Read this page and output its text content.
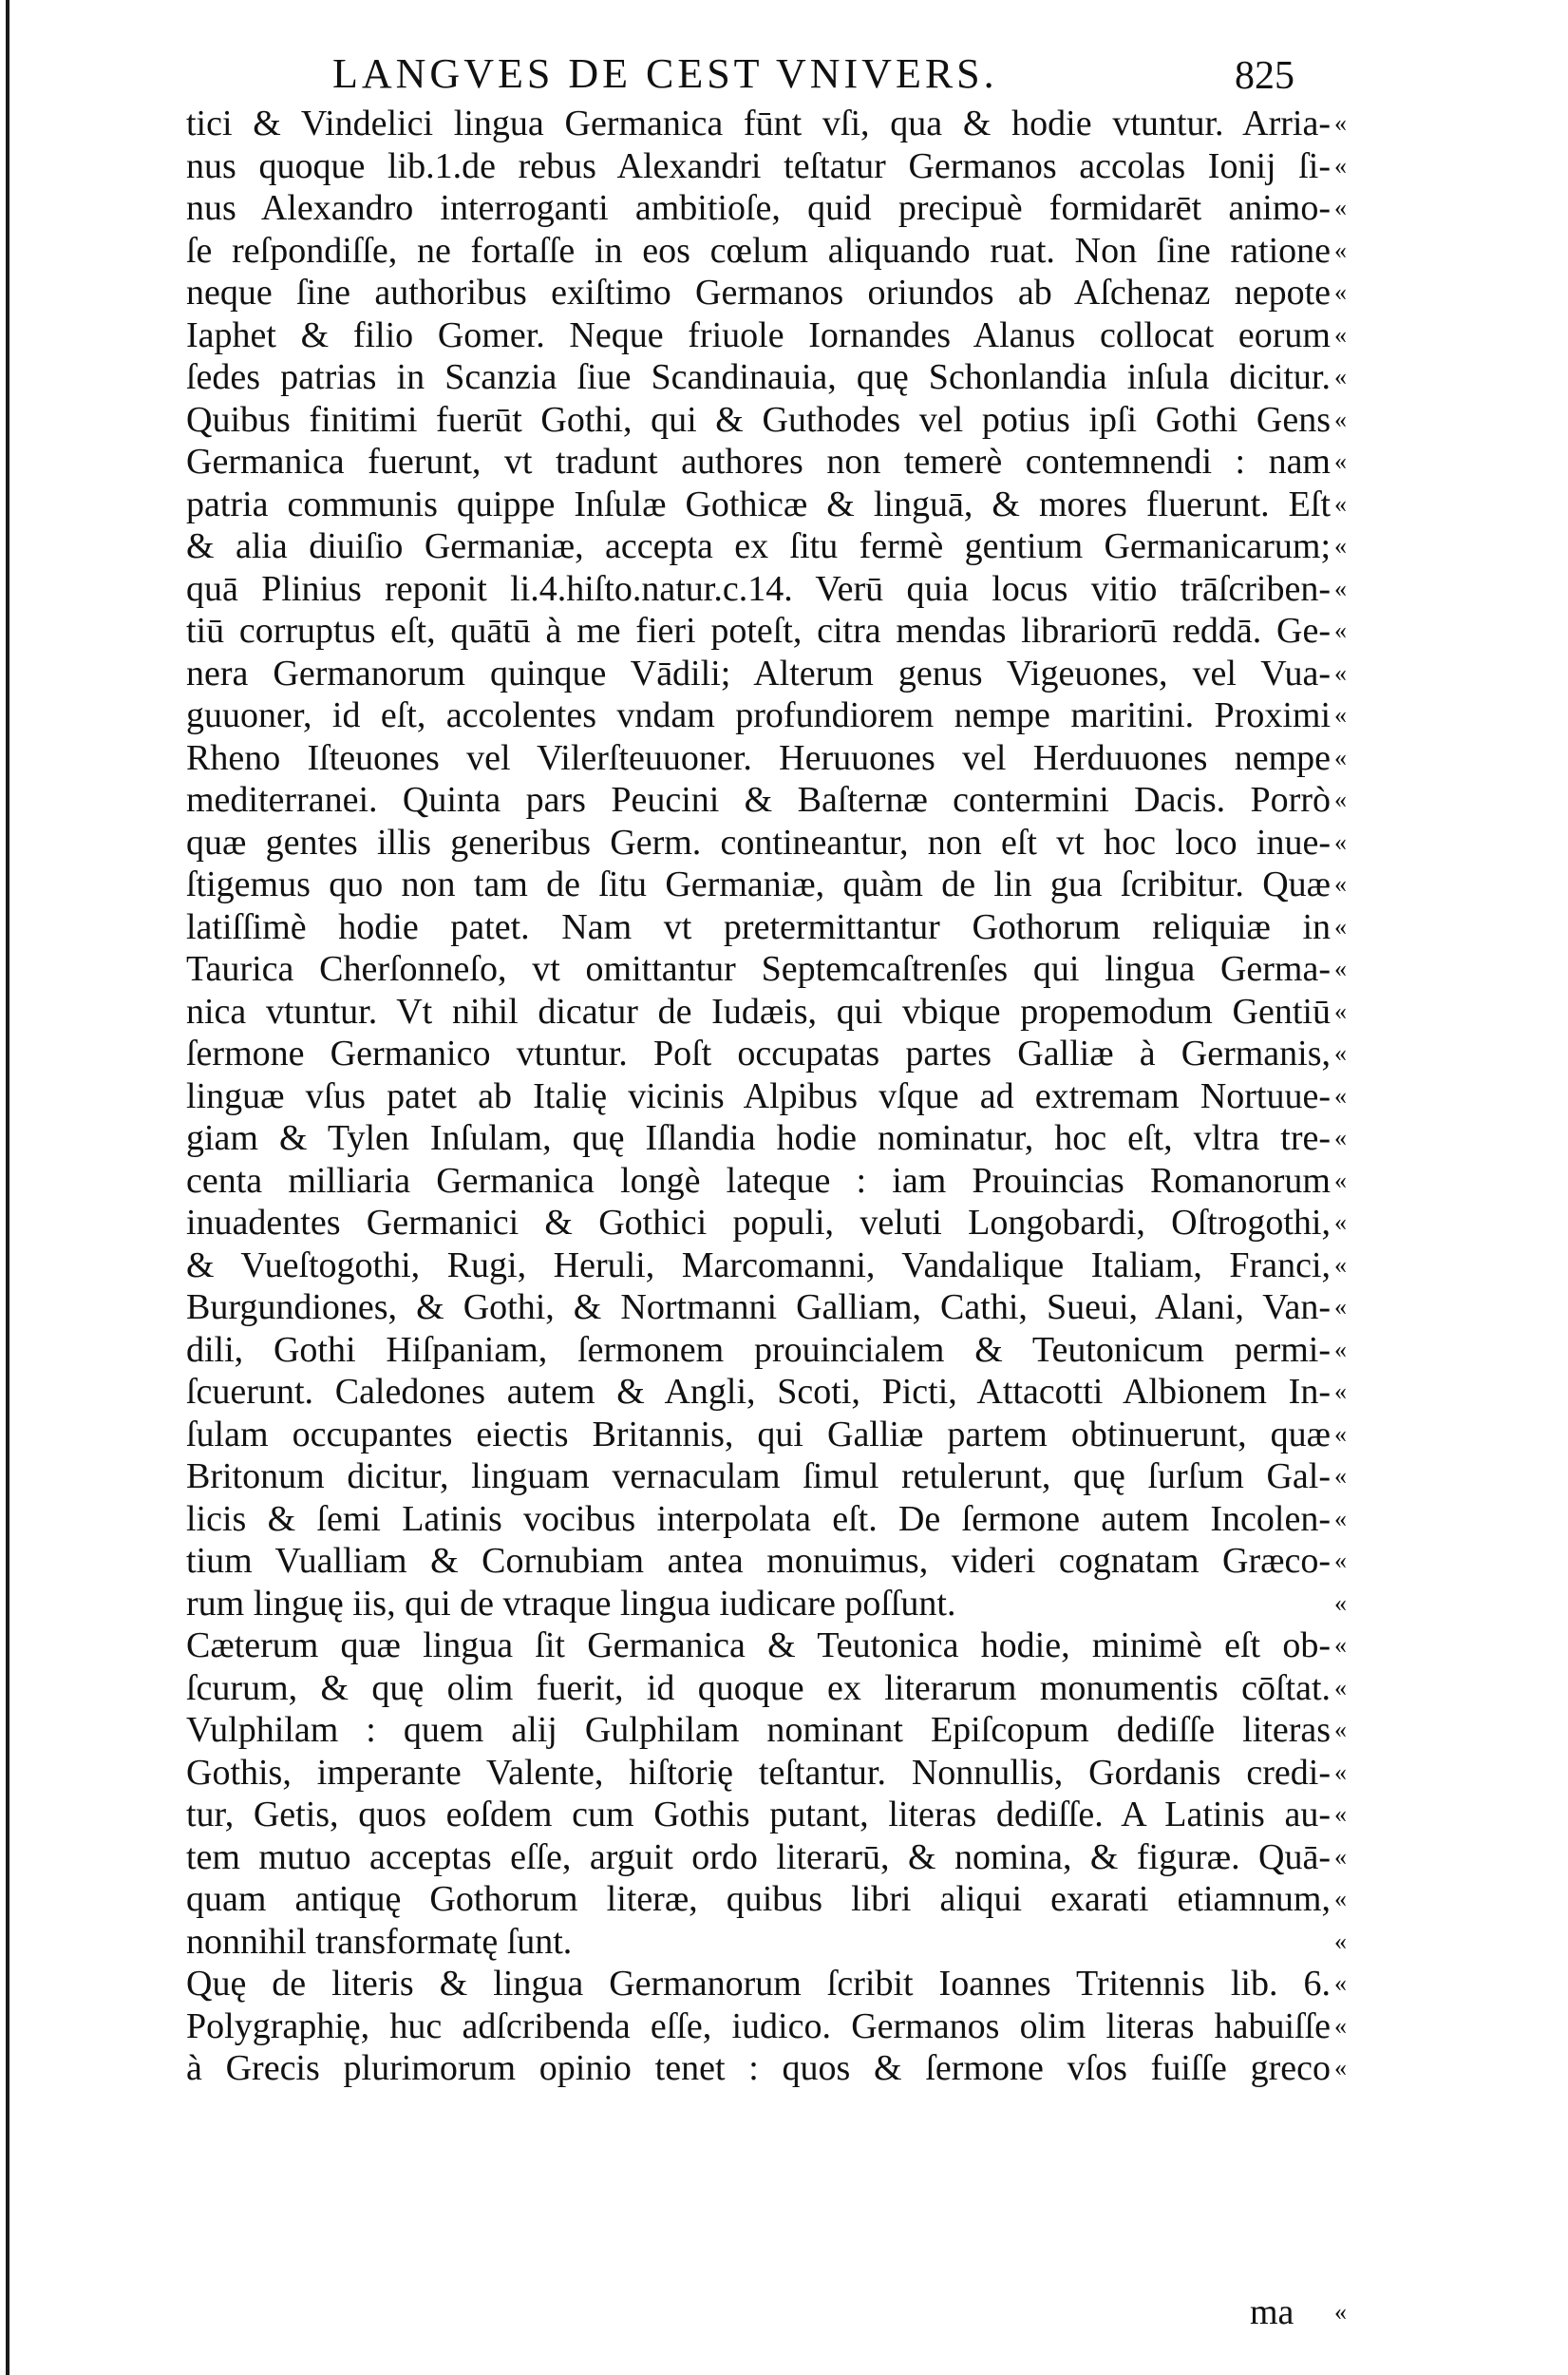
LANGVES DE CEST VNIVERS.	825
tici & Vindelici lingua Germanica fūnt vſi, qua & hodie vtuntur. Arria-
nus quoque lib.1.de rebus Alexandri teſtatur Germanos accolas Ionij ſi-
nus Alexandro interroganti ambitioſe, quid precipuè formidarēt animo-
ſe reſpondiſſe, ne fortaſſe in eos cœlum aliquando ruat. Non ſine ratione
neque ſine authoribus exiſtimo Germanos oriundos ab Aſchenaz nepote
Iaphet & filio Gomer. Neque friuole Iornandes Alanus collocat eorum
ſedes patrias in Scanzia ſiue Scandinauia, quę Schonlandia inſula dicitur.
Quibus finitimi fuerūt Gothi, qui & Guthodes vel potius ipſi Gothi Gens
Germanica fuerunt, vt tradunt authores non temerè contemnendi : nam
patria communis quippe Inſulæ Gothicæ & linguā, & mores fluerunt. Eſt
& alia diuiſio Germaniæ, accepta ex ſitu fermè gentium Germanicarum;
quā Plinius reponit li.4.hiſto.natur.c.14. Verū quia locus vitio trāſcriben-
tiū corruptus eſt, quātū à me fieri poteſt, citra mendas librariorū reddā. Ge-
nera Germanorum quinque Vādili; Alterum genus Vigeuones, vel Vua-
guuoner, id eſt, accolentes vndam profundiorem nempe maritini. Proximi
Rheno Iſteuones vel Vilerſteuuoner. Heruuones vel Herduuones nempe
mediterranei. Quinta pars Peucini & Baſternæ contermini Dacis. Porrò
quæ gentes illis generibus Germ. contineantur, non eſt vt hoc loco inue-
ſtigemus quo non tam de ſitu Germaniæ, quàm de lin gua ſcribitur. Quæ
latiſſimè hodie patet. Nam vt pretermittantur Gothorum reliquiæ in
Taurica Cherſonneſo, vt omittantur Septemcaſtrenſes qui lingua Germa-
nica vtuntur. Vt nihil dicatur de Iudæis, qui vbique propemodum Gentiū
ſermone Germanico vtuntur. Poſt occupatas partes Galliæ à Germanis,
linguæ vſus patet ab Italię vicinis Alpibus vſque ad extremam Nortuue-
giam & Tylen Inſulam, quę Iſlandia hodie nominatur, hoc eſt, vltra tre-
centa milliaria Germanica longè lateque : iam Prouincias Romanorum
inuadentes Germanici & Gothici populi, veluti Longobardi, Oſtrogothi,
& Vueſtogothi, Rugi, Heruli, Marcomanni, Vandalique Italiam, Franci,
Burgundiones, & Gothi, & Nortmanni Galliam, Cathi, Sueui, Alani, Van-
dili, Gothi Hiſpaniam, ſermonem prouincialem & Teutonicum permi-
ſcuerunt. Caledones autem & Angli, Scoti, Picti, Attacotti Albionem In-
ſulam occupantes eiectis Britannis, qui Galliæ partem obtinuerunt, quæ
Britonum dicitur, linguam vernaculam ſimul retulerunt, quę ſurſum Gal-
licis & ſemi Latinis vocibus interpolata eſt. De ſermone autem Incolen-
tium Vualliam & Cornubiam antea monuimus, videri cognatam Græco-
rum linguę iis, qui de vtraque lingua iudicare poſſunt.
Cæterum quæ lingua ſit Germanica & Teutonica hodie, minimè eſt ob-
ſcurum, & quę olim fuerit, id quoque ex literarum monumentis cōſtat.
Vulphilam : quem alij Gulphilam nominant Epiſcopum dediſſe literas
Gothis, imperante Valente, hiſtorię teſtantur. Nonnullis, Gordanis credi-
tur, Getis, quos eoſdem cum Gothis putant, literas dediſſe. A Latinis au-
tem mutuo acceptas eſſe, arguit ordo literarū, & nomina, & figuræ. Quā-
quam antiquę Gothorum literæ, quibus libri aliqui exarati etiamnum,
nonnihil transformatę ſunt.
Quę de literis & lingua Germanorum ſcribit Ioannes Tritennis lib. 6.
Polygraphię, huc adſcribenda eſſe, iudico. Germanos olim literas habuiſſe
à Grecis plurimorum opinio tenet : quos & ſermone vſos fuiſſe greco
«
«
«
«
«
«
«
«
«
«
«
«
«
«
«
«
«
«
«
«
«
«
«
«
«
«
«
«
«
«
«
«
«
«
«
«
«
«
«
«
«
«
«
«
«
«
«
ma	«
